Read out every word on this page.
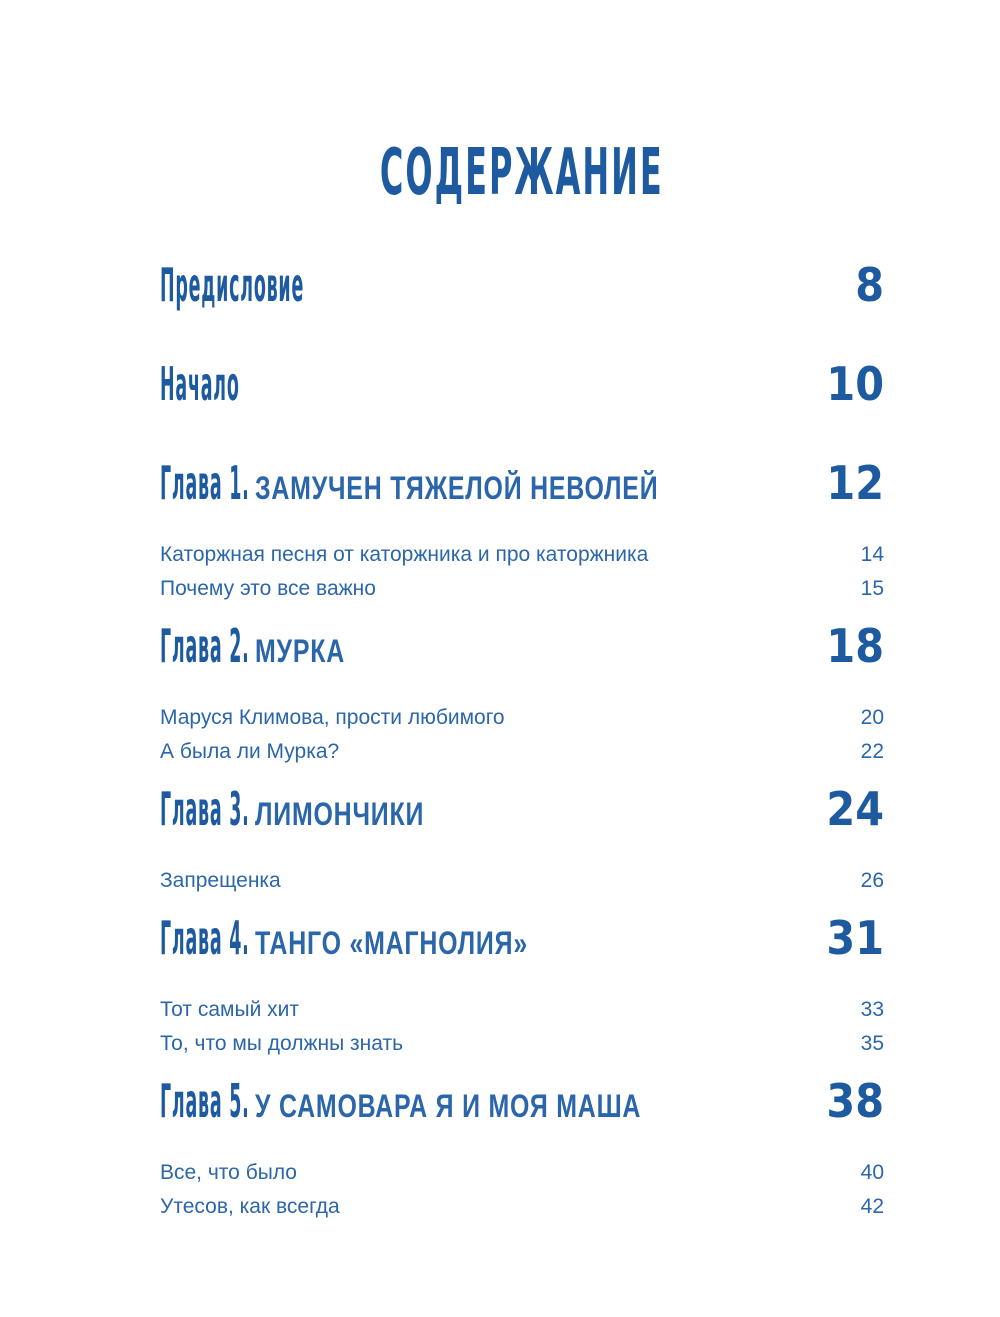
СОДЕРЖАНИЕ
Предисловие	8
Начало	10
Глава 1. ЗАМУЧЕН ТЯЖЕЛОЙ НЕВОЛЕЙ	12
Каторжная песня от каторжника и про каторжника	14
Почему это все важно	15
Глава 2. МУРКА	18
Маруся Климова, прости любимого	20
А была ли Мурка?	22
Глава 3. ЛИМОНЧИКИ	24
Запрещенка	26
Глава 4. ТАНГО «МАГНОЛИЯ»	31
Тот самый хит	33
То, что мы должны знать	35
Глава 5. У САМОВАРА Я И МОЯ МАША	38
Все, что было	40
Утесов, как всегда	42
